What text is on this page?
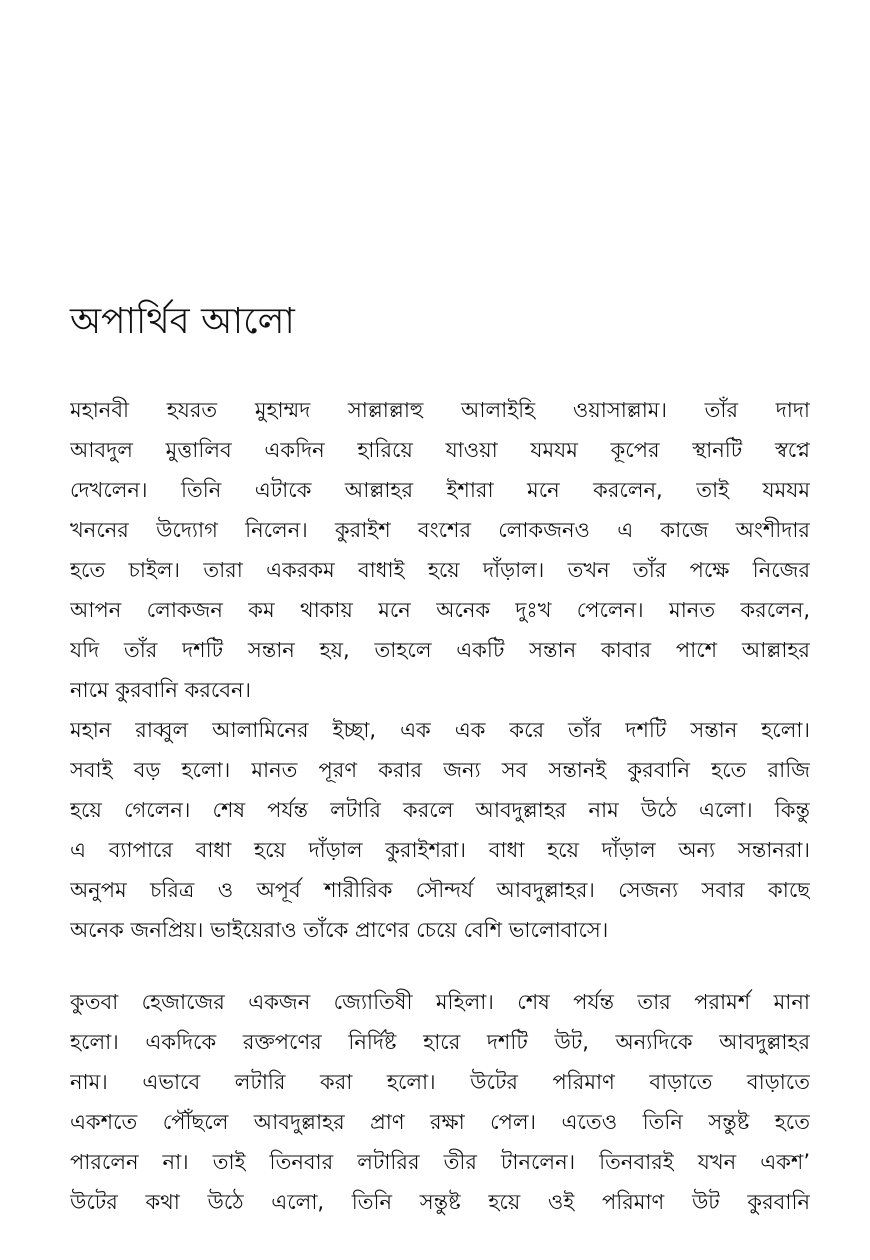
অপার্থিব আলো
মহানবী হযরত মুহাম্মদ সাল্লাল্লাহু আলাইহি ওয়াসাল্লাম। তাঁর দাদা
আবদুল মুত্তালিব একদিন হারিয়ে যাওয়া যমযম কূপের স্থানটি স্বপ্নে
দেখলেন। তিনি এটাকে আল্লাহর ইশারা মনে করলেন, তাই যমযম
খননের উদ্যোগ নিলেন। কুরাইশ বংশের লোকজনও এ কাজে অংশীদার
হতে চাইল। তারা একরকম বাধাই হয়ে দাঁড়াল। তখন তাঁর পক্ষে নিজের
আপন লোকজন কম থাকায় মনে অনেক দুঃখ পেলেন। মানত করলেন,
যদি তাঁর দশটি সন্তান হয়, তাহলে একটি সন্তান কাবার পাশে আল্লাহর
নামে কুরবানি করবেন।
মহান রাব্বুল আলামিনের ইচ্ছা, এক এক করে তাঁর দশটি সন্তান হলো।
সবাই বড় হলো। মানত পূরণ করার জন্য সব সন্তানই কুরবানি হতে রাজি
হয়ে গেলেন। শেষ পর্যন্ত লটারি করলে আবদুল্লাহর নাম উঠে এলো। কিন্তু
এ ব্যাপারে বাধা হয়ে দাঁড়াল কুরাইশরা। বাধা হয়ে দাঁড়াল অন্য সন্তানরা।
অনুপম চরিত্র ও অপূর্ব শারীরিক সৌন্দর্য আবদুল্লাহর। সেজন্য সবার কাছে
অনেক জনপ্রিয়। ভাইয়েরাও তাঁকে প্রাণের চেয়ে বেশি ভালোবাসে।
কুতবা হেজাজের একজন জ্যোতিষী মহিলা। শেষ পর্যন্ত তার পরামর্শ মানা
হলো। একদিকে রক্তপণের নির্দিষ্ট হারে দশটি উট, অন্যদিকে আবদুল্লাহর
নাম। এভাবে লটারি করা হলো। উটের পরিমাণ বাড়াতে বাড়াতে
একশতে পৌঁছলে আবদুল্লাহর প্রাণ রক্ষা পেল। এতেও তিনি সন্তুষ্ট হতে
পারলেন না। তাই তিনবার লটারির তীর টানলেন। তিনবারই যখন একশ’
উটের কথা উঠে এলো, তিনি সন্তুষ্ট হয়ে ওই পরিমাণ উট কুরবানি
